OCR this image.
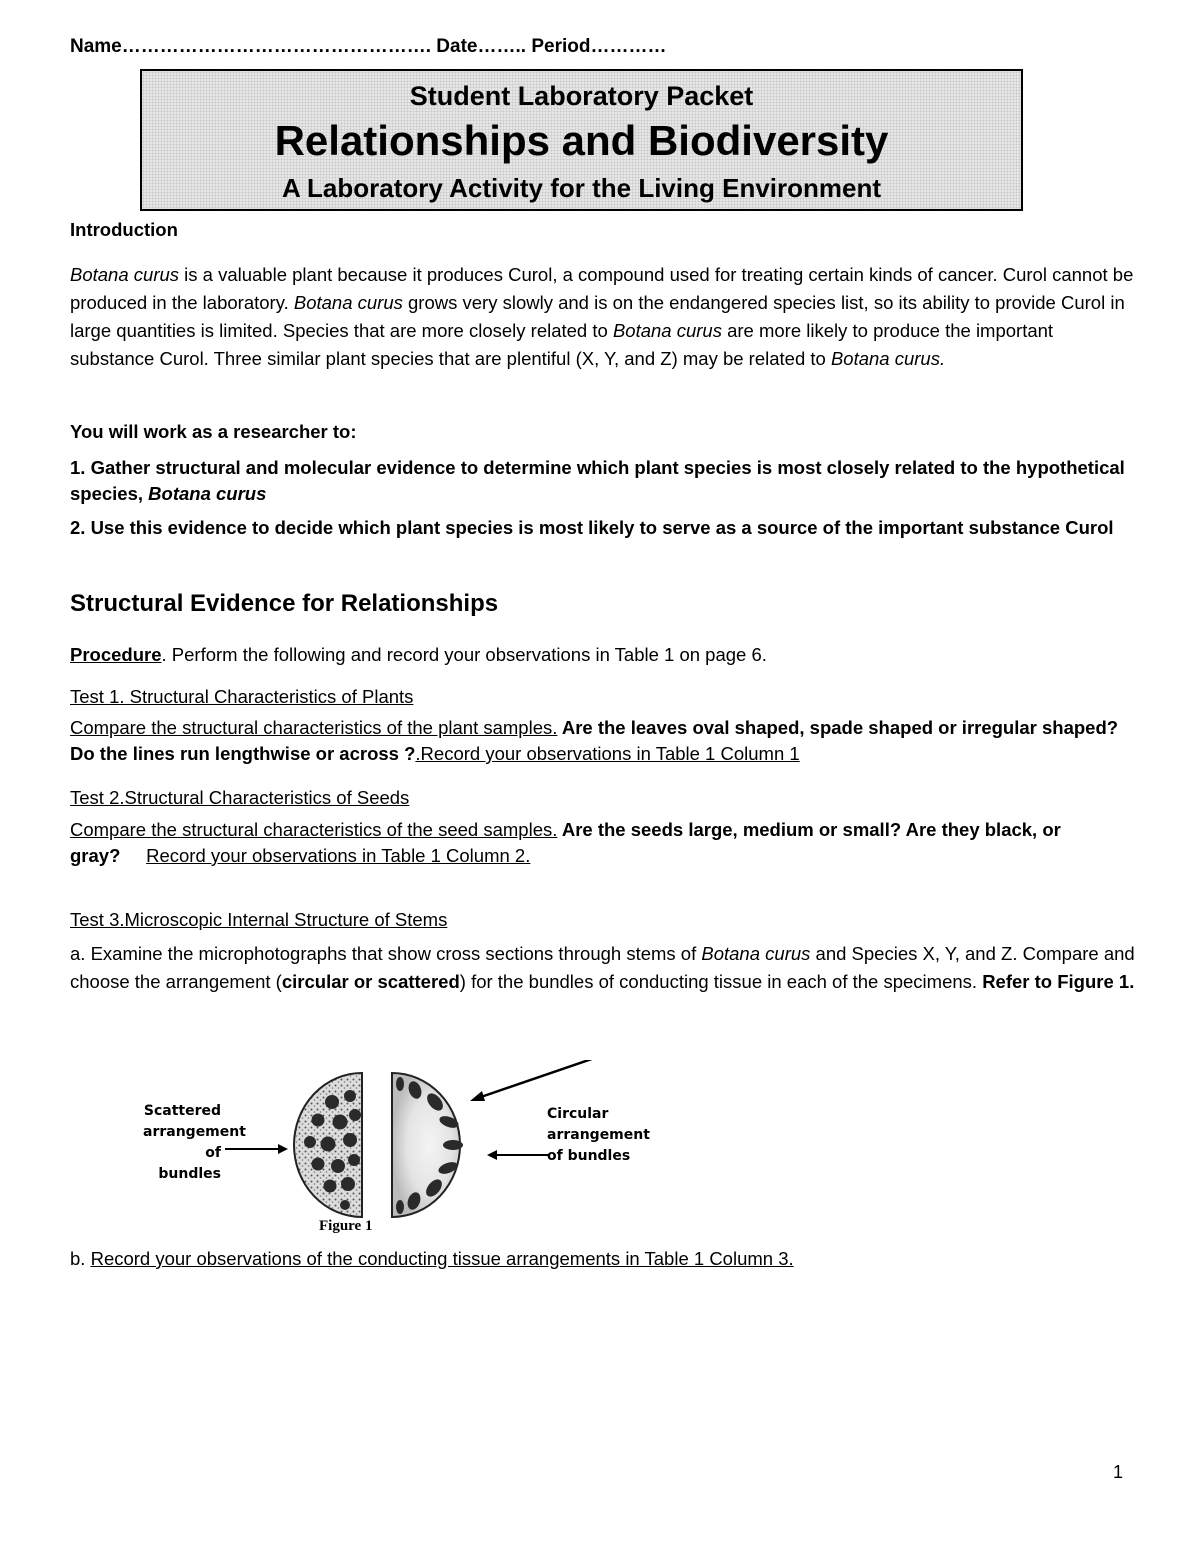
Name…………………………………………. Date…….. Period…………
Student Laboratory Packet
Relationships and Biodiversity
A Laboratory Activity for the Living Environment
Introduction
Botana curus is a valuable plant because it produces Curol, a compound used for treating certain kinds of cancer. Curol cannot be produced in the laboratory. Botana curus grows very slowly and is on the endangered species list, so its ability to provide Curol in large quantities is limited. Species that are more closely related to Botana curus are more likely to produce the important substance Curol. Three similar plant species that are plentiful (X, Y, and Z) may be related to Botana curus.
You will work as a researcher to:
1. Gather structural and molecular evidence to determine which plant species is most closely related to the hypothetical species, Botana curus
2. Use this evidence to decide which plant species is most likely to serve as a source of the important substance Curol
Structural Evidence for Relationships
Procedure. Perform the following and record your observations in Table 1 on page 6.
Test 1. Structural Characteristics of Plants
Compare the structural characteristics of the plant samples. Are the leaves oval shaped, spade shaped or irregular shaped? Do the lines run lengthwise or across ?.Record your observations in Table 1 Column 1
Test 2.Structural Characteristics of Seeds
Compare the structural characteristics of the seed samples. Are the seeds large, medium or small? Are they black, or gray? Record your observations in Table 1 Column 2.
Test 3.Microscopic Internal Structure of Stems
a. Examine the microphotographs that show cross sections through stems of Botana curus and Species X, Y, and Z. Compare and choose the arrangement (circular or scattered) for the bundles of conducting tissue in each of the specimens. Refer to Figure 1.
Scattered
arrangement
of bundles
Circular
arrangement
of bundles
Figure 1
b. Record your observations of the conducting tissue arrangements in Table 1 Column 3.
1
